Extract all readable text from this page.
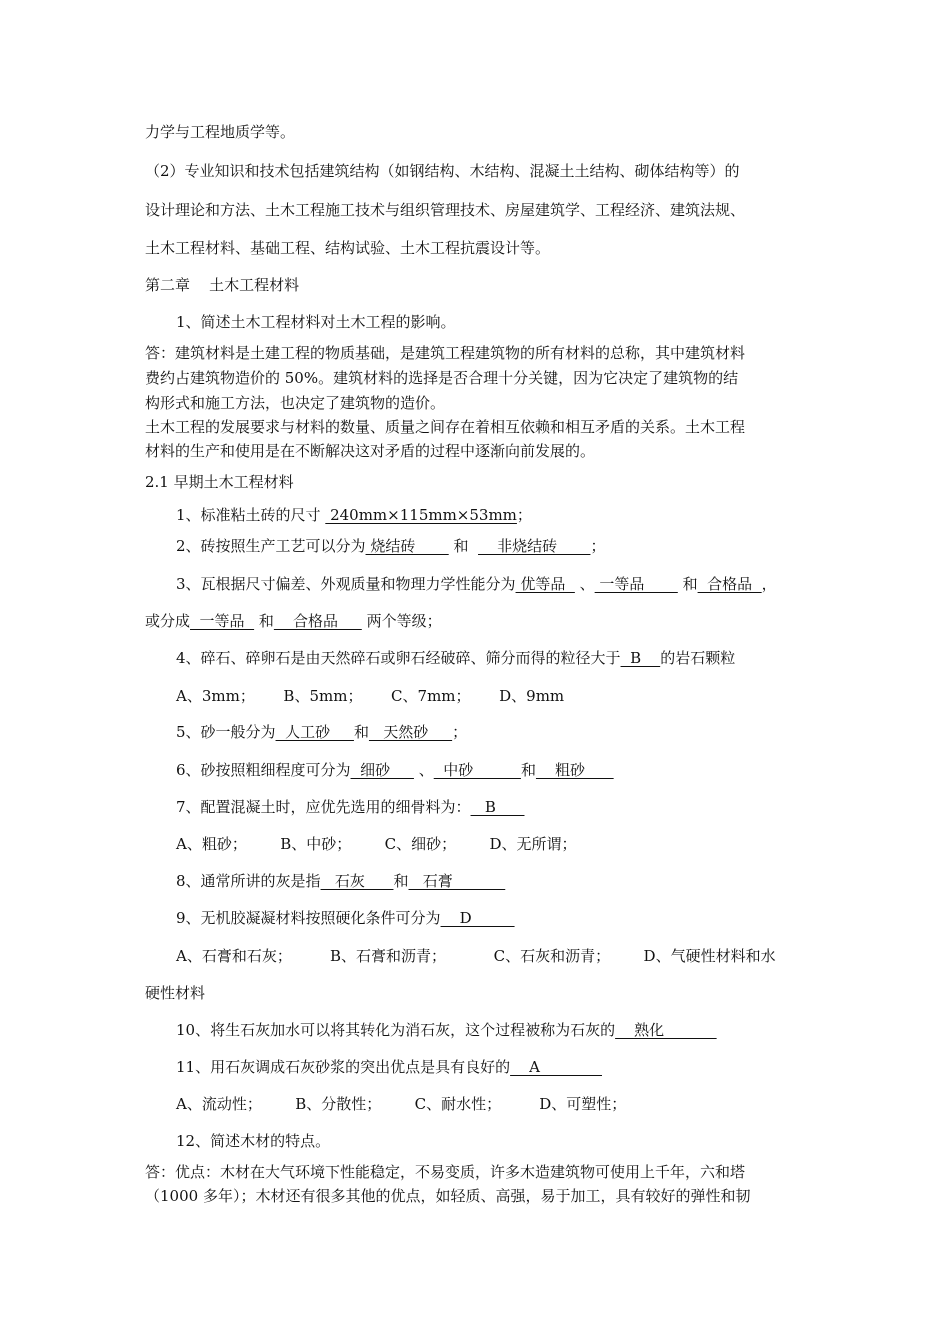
力学与工程地质学等。
（2）专业知识和技术包括建筑结构（如钢结构、木结构、混凝土土结构、砌体结构等）的
设计理论和方法、土木工程施工技术与组织管理技术、房屋建筑学、工程经济、建筑法规、
土木工程材料、基础工程、结构试验、土木工程抗震设计等。
第二章    土木工程材料
1、简述土木工程材料对土木工程的影响。
答：建筑材料是土建工程的物质基础，是建筑工程建筑物的所有材料的总称，其中建筑材料
费约占建筑物造价的 50%。建筑材料的选择是否合理十分关键，因为它决定了建筑物的结
构形式和施工方法，也决定了建筑物的造价。
土木工程的发展要求与材料的数量、质量之间存在着相互依赖和相互矛盾的关系。土木工程
材料的生产和使用是在不断解决这对矛盾的过程中逐渐向前发展的。
2.1 早期土木工程材料
1、标准粘土砖的尺寸  240mm×115mm×53mm；
2、砖按照生产工艺可以分为 烧结砖        和      非烧结砖       ；
3、瓦根据尺寸偏差、外观质量和物理力学性能分为 优等品   、 一等品        和  合格品  ，
或分成  一等品   和    合格品      两个等级；
4、碎石、碎卵石是由天然碎石或卵石经破碎、筛分而得的粒径大于  B    的岩石颗粒
A、3mm；      B、5mm；      C、7mm；      D、9mm
5、砂一般分为  人工砂     和   天然砂     ；
6、砂按照粗细程度可分为  细砂      、  中砂          和    粗砂
7、配置混凝土时，应优先选用的细骨料为：   B
A、粗砂；       B、中砂；       C、细砂；       D、无所谓；
8、通常所讲的灰是指   石灰      和   石膏
9、无机胶凝凝材料按照硬化条件可分为    D
A、石膏和石灰；        B、石膏和沥青；          C、石灰和沥青；       D、气硬性材料和水
硬性材料
10、将生石灰加水可以将其转化为消石灰，这个过程被称为石灰的    熟化
11、用石灰调成石灰砂浆的突出优点是具有良好的    A
A、流动性；       B、分散性；       C、耐水性；        D、可塑性；
12、简述木材的特点。
答：优点：木材在大气环境下性能稳定，不易变质，许多木造建筑物可使用上千年，六和塔
（1000 多年）；木材还有很多其他的优点，如轻质、高强，易于加工，具有较好的弹性和韧
